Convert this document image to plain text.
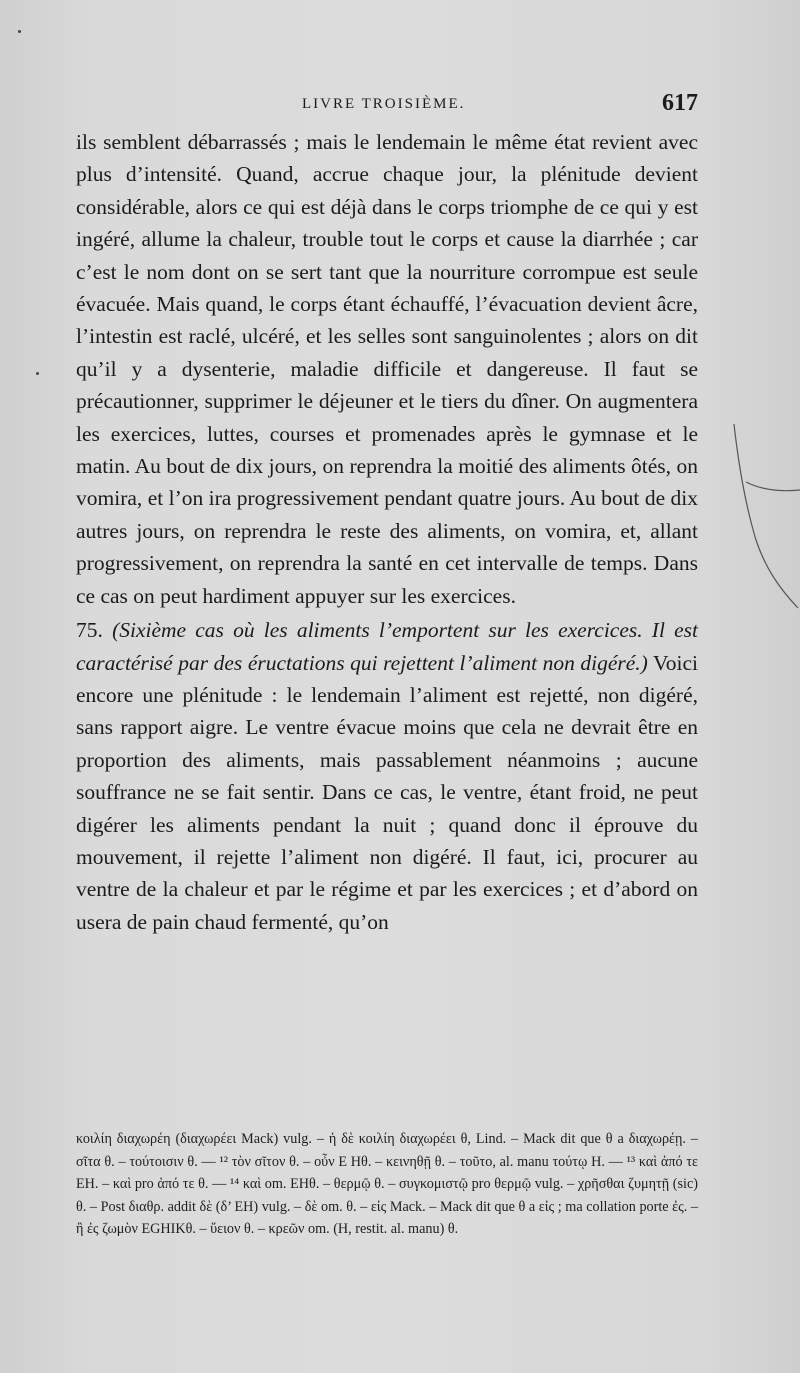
LIVRE TROISIÈME.	617

ils semblent débarrassés ; mais le lendemain le même état revient avec plus d’intensité. Quand, accrue chaque jour, la plénitude devient considérable, alors ce qui est déjà dans le corps triomphe de ce qui y est ingéré, allume la chaleur, trouble tout le corps et cause la diarrhée ; car c’est le nom dont on se sert tant que la nourriture corrompue est seule évacuée. Mais quand, le corps étant échauffé, l’évacuation devient âcre, l’intestin est raclé, ulcéré, et les selles sont sanguinolentes ; alors on dit qu’il y a dysenterie, maladie difficile et dangereuse. Il faut se précautionner, supprimer le déjeuner et le tiers du dîner. On augmentera les exercices, luttes, courses et promenades après le gymnase et le matin. Au bout de dix jours, on reprendra la moitié des aliments ôtés, on vomira, et l’on ira progressivement pendant quatre jours. Au bout de dix autres jours, on reprendra le reste des aliments, on vomira, et, allant progressivement, on reprendra la santé en cet intervalle de temps. Dans ce cas on peut hardiment appuyer sur les exercices.

75. (Sixième cas où les aliments l’emportent sur les exercices. Il est caractérisé par des éructations qui rejettent l’aliment non digéré.) Voici encore une plénitude : le lendemain l’aliment est rejetté, non digéré, sans rapport aigre. Le ventre évacue moins que cela ne devrait être en proportion des aliments, mais passablement néanmoins ; aucune souffrance ne se fait sentir. Dans ce cas, le ventre, étant froid, ne peut digérer les aliments pendant la nuit ; quand donc il éprouve du mouvement, il rejette l’aliment non digéré. Il faut, ici, procurer au ventre de la chaleur et par le régime et par les exercices ; et d’abord on usera de pain chaud fermenté, qu’on

κοιλίη διαχωρέη (διαχωρέει Mack) vulg. – ἡ δὲ κοιλίη διαχωρέει θ, Lind. – Mack dit que θ a διαχωρέῃ. – σῖτα θ. – τούτοισιν θ. — ¹² τὸν σῖτον θ. – οὖν E Hθ. – κεινηθῇ θ. – τοῦτο, al. manu τούτῳ H. — ¹³ καὶ ἀπό τε EH. – καὶ pro ἀπό τε θ. — ¹⁴ καὶ om. EHθ. – θερμῷ θ. – συγκομιστῷ pro θερμῷ vulg. – χρῆσθαι ζυμητῇ (sic) θ. – Post διαθρ. addit δὲ (δ’ EH) vulg. – δὲ om. θ. – εἰς Mack. – Mack dit que θ a εἰς ; ma collation porte ἐς. – ἢ ἐς ζωμὸν EGHIKθ. – ὕειον θ. – κρεῶν om. (H, restit. al. manu) θ.
